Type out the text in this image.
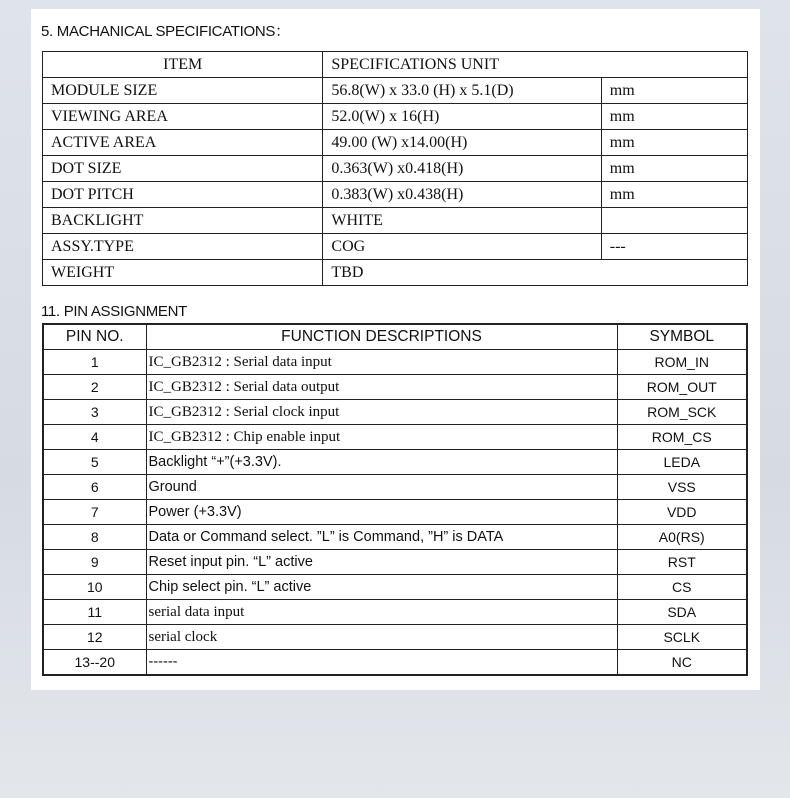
5. MACHANICAL SPECIFICATIONS：
ITEM	SPECIFICATIONS UNIT	
MODULE SIZE	56.8(W) x 33.0 (H) x 5.1(D)	mm
VIEWING AREA	52.0(W) x 16(H)	mm
ACTIVE AREA	49.00 (W) x14.00(H)	mm
DOT SIZE	0.363(W) x0.418(H)	mm
DOT PITCH	0.383(W) x0.438(H)	mm
BACKLIGHT	WHITE	
ASSY.TYPE	COG	---
WEIGHT	TBD	
11. PIN ASSIGNMENT
PIN NO.	FUNCTION DESCRIPTIONS	SYMBOL
1	IC_GB2312 : Serial data input	ROM_IN
2	IC_GB2312 : Serial data output	ROM_OUT
3	IC_GB2312 : Serial clock input	ROM_SCK
4	IC_GB2312 : Chip enable input	ROM_CS
5	Backlight “+”(+3.3V).	LEDA
6	Ground	VSS
7	Power (+3.3V)	VDD
8	Data or Command select. ”L” is Command, ”H” is DATA	A0(RS)
9	Reset input pin. “L” active	RST
10	Chip select pin. “L” active	CS
11	serial data input	SDA
12	serial clock	SCLK
13--20	------	NC
